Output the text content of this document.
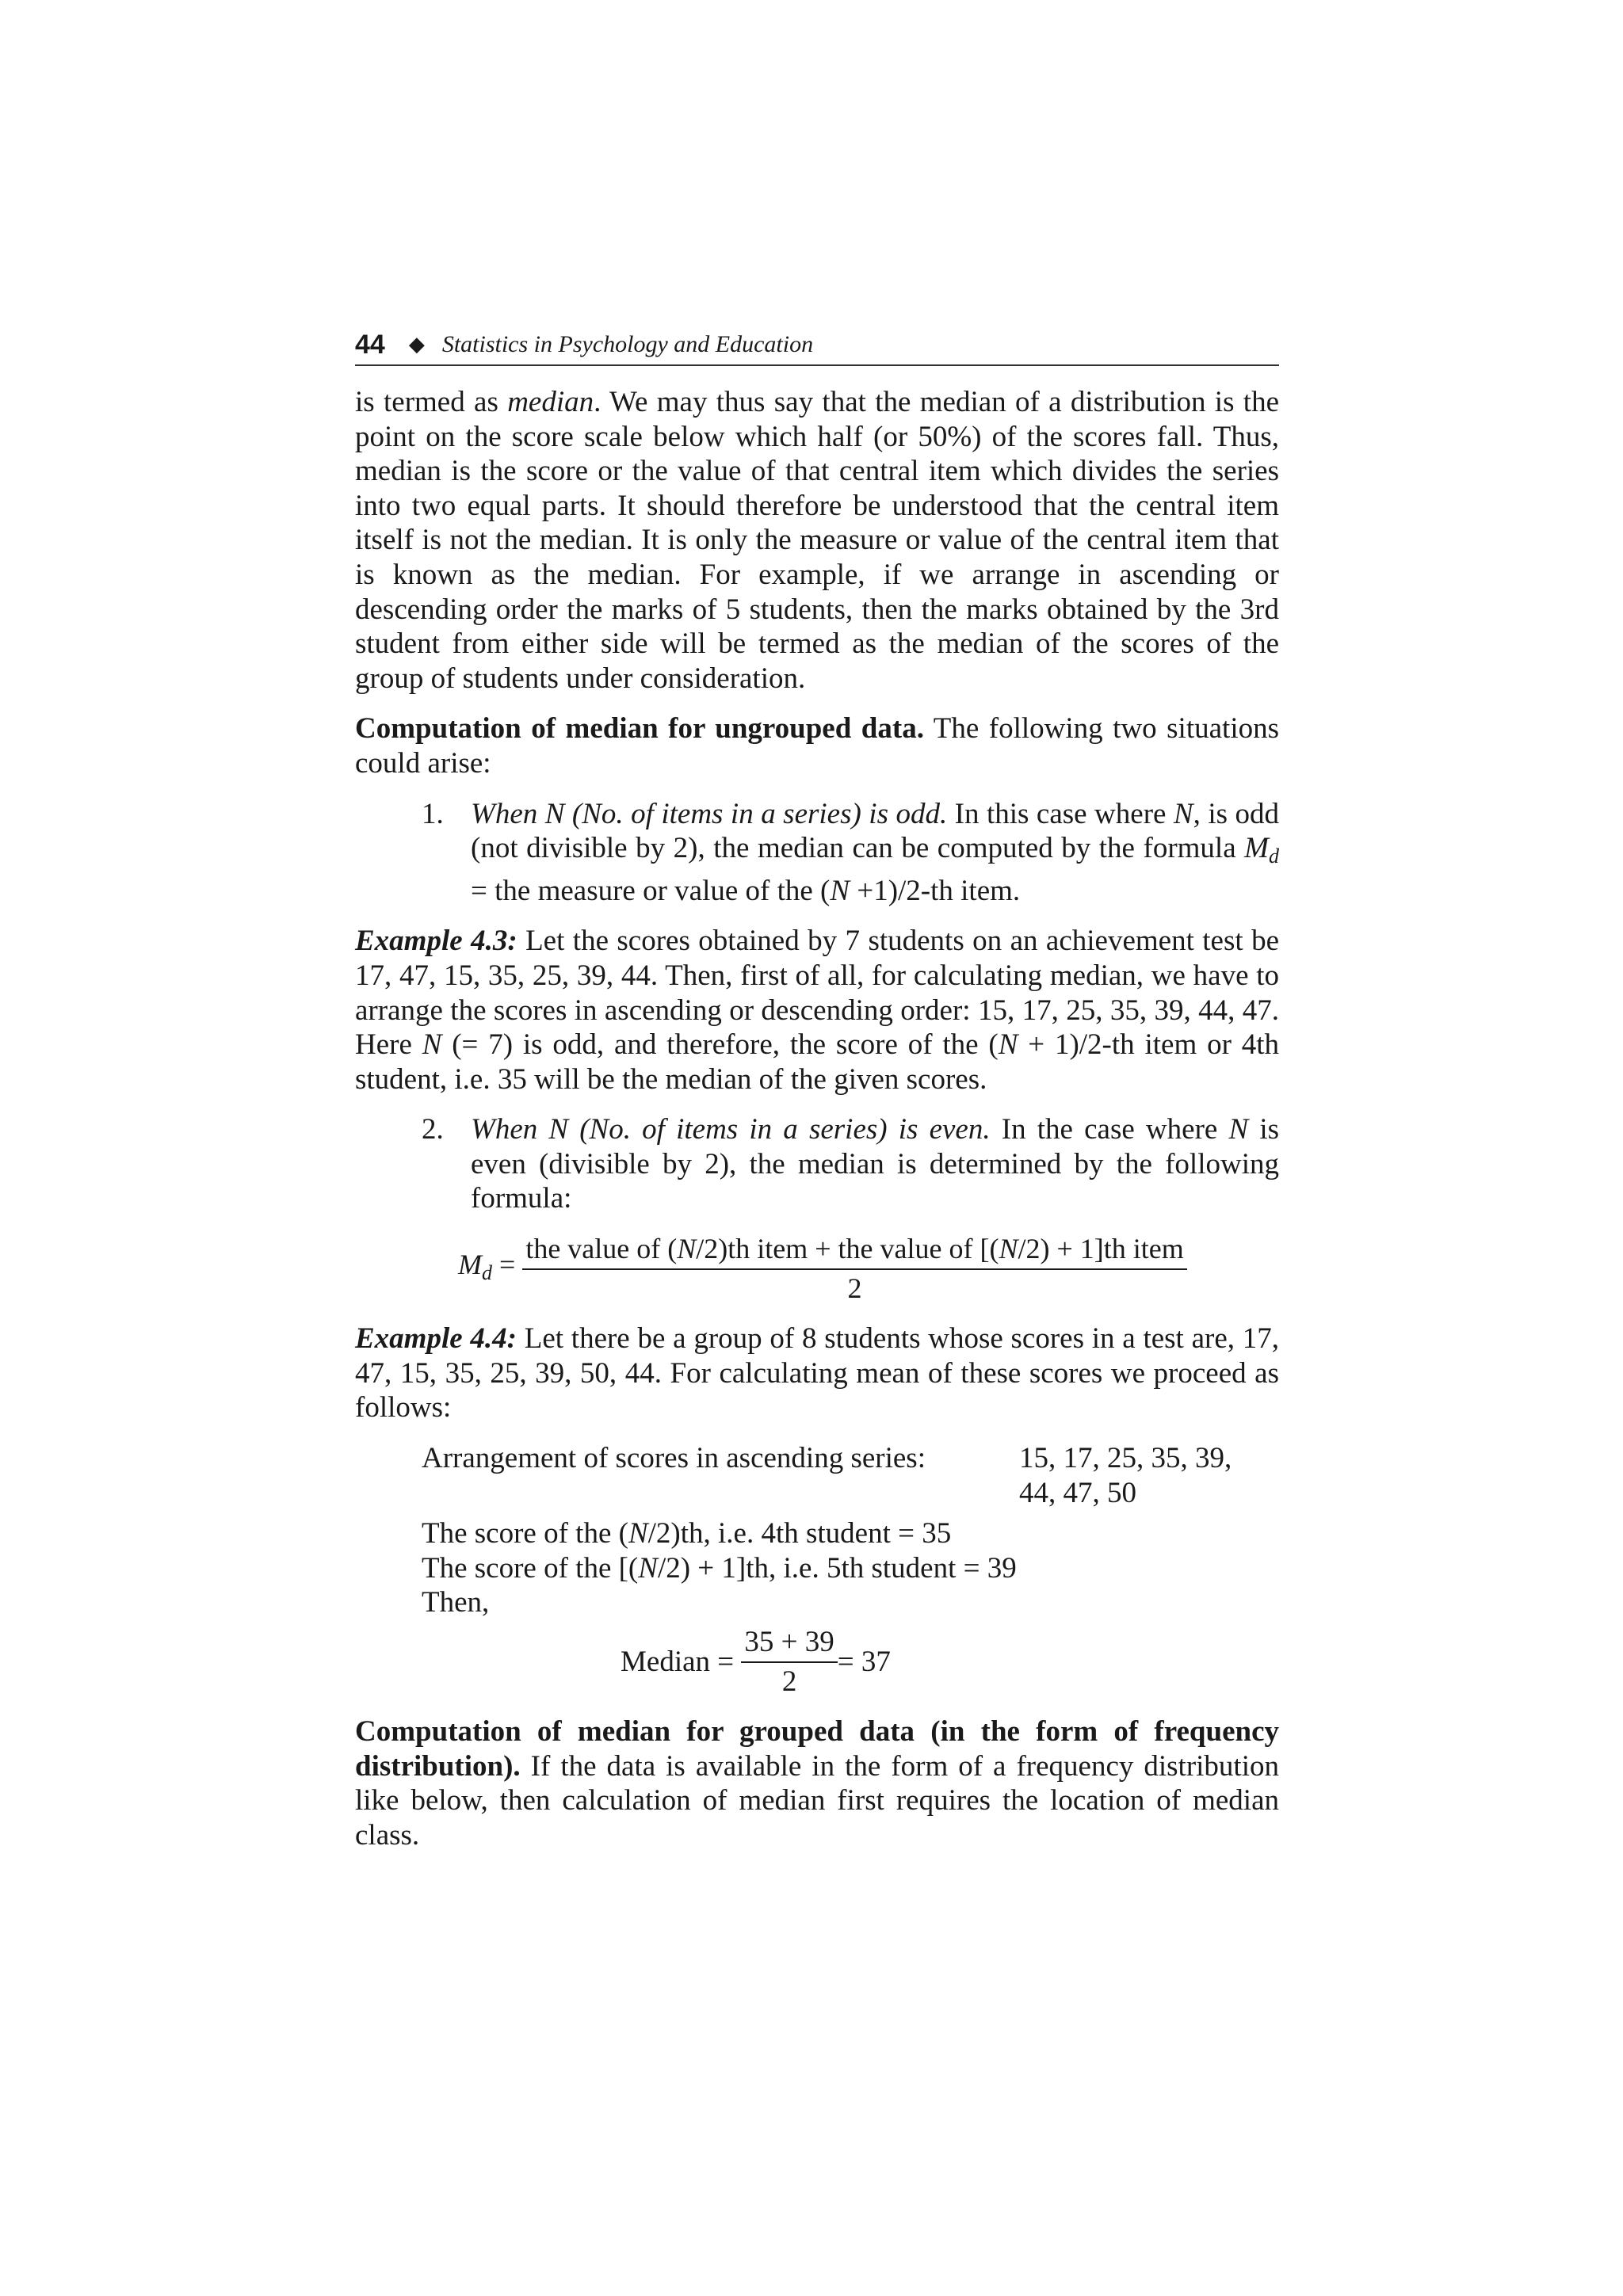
44 ◆ Statistics in Psychology and Education

is termed as median. We may thus say that the median of a distribution is the point on the score scale below which half (or 50%) of the scores fall. Thus, median is the score or the value of that central item which divides the series into two equal parts. It should therefore be understood that the central item itself is not the median. It is only the measure or value of the central item that is known as the median. For example, if we arrange in ascending or descending order the marks of 5 students, then the marks obtained by the 3rd student from either side will be termed as the median of the scores of the group of students under consideration.

Computation of median for ungrouped data. The following two situations could arise:

1. When N (No. of items in a series) is odd. In this case where N, is odd (not divisible by 2), the median can be computed by the formula $M_d$ = the measure or value of the (N +1)/2-th item.

Example 4.3: Let the scores obtained by 7 students on an achievement test be 17, 47, 15, 35, 25, 39, 44. Then, first of all, for calculating median, we have to arrange the scores in ascending or descending order: 15, 17, 25, 35, 39, 44, 47. Here N (= 7) is odd, and therefore, the score of the (N + 1)/2-th item or 4th student, i.e. 35 will be the median of the given scores.

2. When N (No. of items in a series) is even. In the case where N is even (divisible by 2), the median is determined by the following formula:

$M_d = \frac{\text{the value of (N/2)th item + the value of [(N/2) + 1]th item}}{2}$

Example 4.4: Let there be a group of 8 students whose scores in a test are, 17, 47, 15, 35, 25, 39, 50, 44. For calculating mean of these scores we proceed as follows:

Arrangement of scores in ascending series:	15, 17, 25, 35, 39,
44, 47, 50
The score of the (N/2)th, i.e. 4th student = 35
The score of the [(N/2) + 1]th, i.e. 5th student = 39
Then,
Median =
$\frac{35 + 39}{2} = 37$

Computation of median for grouped data (in the form of frequency distribution). If the data is available in the form of a frequency distribution like below, then calculation of median first requires the location of median class.
